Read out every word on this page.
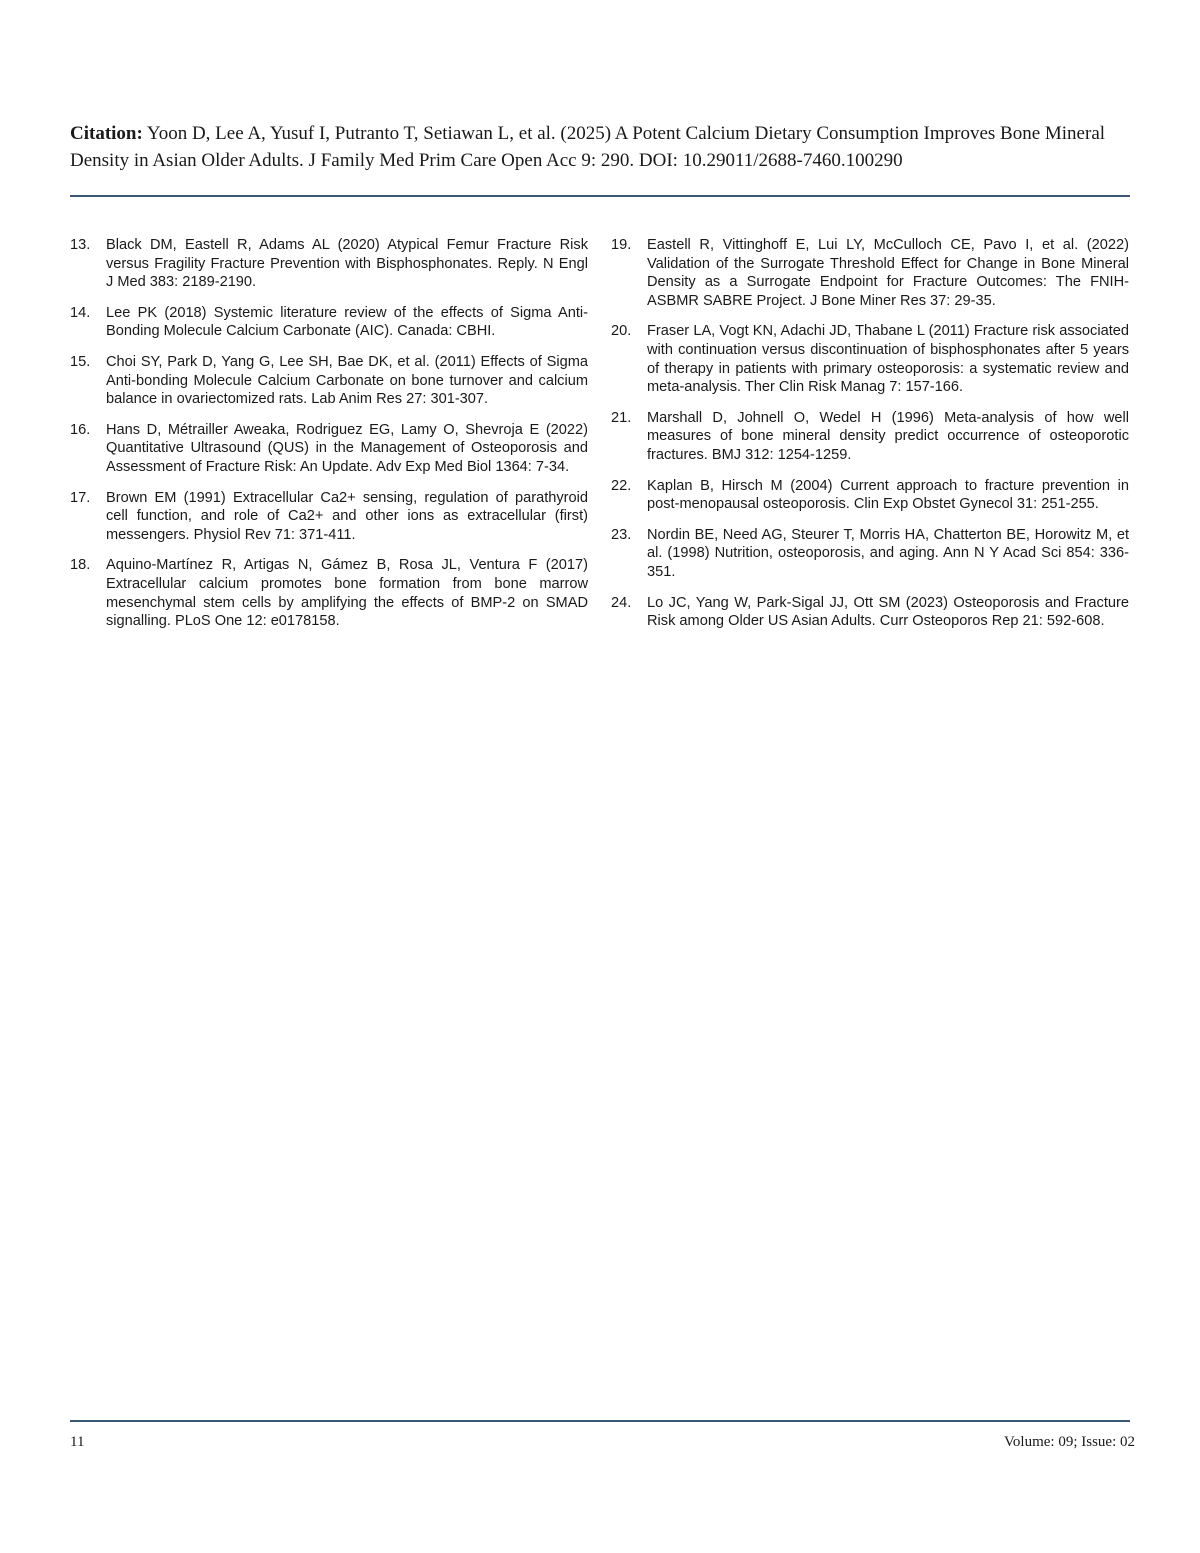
Citation: Yoon D, Lee A, Yusuf I, Putranto T, Setiawan L, et al. (2025) A Potent Calcium Dietary Consumption Improves Bone Mineral Density in Asian Older Adults. J Family Med Prim Care Open Acc 9: 290. DOI: 10.29011/2688-7460.100290
13.	Black DM, Eastell R, Adams AL (2020) Atypical Femur Fracture Risk versus Fragility Fracture Prevention with Bisphosphonates. Reply. N Engl J Med 383: 2189-2190.
14.	Lee PK (2018) Systemic literature review of the effects of Sigma Anti-Bonding Molecule Calcium Carbonate (AIC). Canada: CBHI.
15.	Choi SY, Park D, Yang G, Lee SH, Bae DK, et al. (2011) Effects of Sigma Anti-bonding Molecule Calcium Carbonate on bone turnover and calcium balance in ovariectomized rats. Lab Anim Res 27: 301-307.
16.	Hans D, Métrailler Aweaka, Rodriguez EG, Lamy O, Shevroja E (2022) Quantitative Ultrasound (QUS) in the Management of Osteoporosis and Assessment of Fracture Risk: An Update. Adv Exp Med Biol 1364: 7-34.
17.	Brown EM (1991) Extracellular Ca2+ sensing, regulation of parathyroid cell function, and role of Ca2+ and other ions as extracellular (first) messengers. Physiol Rev 71: 371-411.
18.	Aquino-Martínez R, Artigas N, Gámez B, Rosa JL, Ventura F (2017) Extracellular calcium promotes bone formation from bone marrow mesenchymal stem cells by amplifying the effects of BMP-2 on SMAD signalling. PLoS One 12: e0178158.
19.	Eastell R, Vittinghoff E, Lui LY, McCulloch CE, Pavo I, et al. (2022) Validation of the Surrogate Threshold Effect for Change in Bone Mineral Density as a Surrogate Endpoint for Fracture Outcomes: The FNIH-ASBMR SABRE Project. J Bone Miner Res 37: 29-35.
20.	Fraser LA, Vogt KN, Adachi JD, Thabane L (2011) Fracture risk associated with continuation versus discontinuation of bisphosphonates after 5 years of therapy in patients with primary osteoporosis: a systematic review and meta-analysis. Ther Clin Risk Manag 7: 157-166.
21.	Marshall D, Johnell O, Wedel H (1996) Meta-analysis of how well measures of bone mineral density predict occurrence of osteoporotic fractures. BMJ 312: 1254-1259.
22.	Kaplan B, Hirsch M (2004) Current approach to fracture prevention in post-menopausal osteoporosis. Clin Exp Obstet Gynecol 31: 251-255.
23.	Nordin BE, Need AG, Steurer T, Morris HA, Chatterton BE, Horowitz M, et al. (1998) Nutrition, osteoporosis, and aging. Ann N Y Acad Sci 854: 336-351.
24.	Lo JC, Yang W, Park-Sigal JJ, Ott SM (2023) Osteoporosis and Fracture Risk among Older US Asian Adults. Curr Osteoporos Rep 21: 592-608.
11	Volume: 09; Issue: 02
